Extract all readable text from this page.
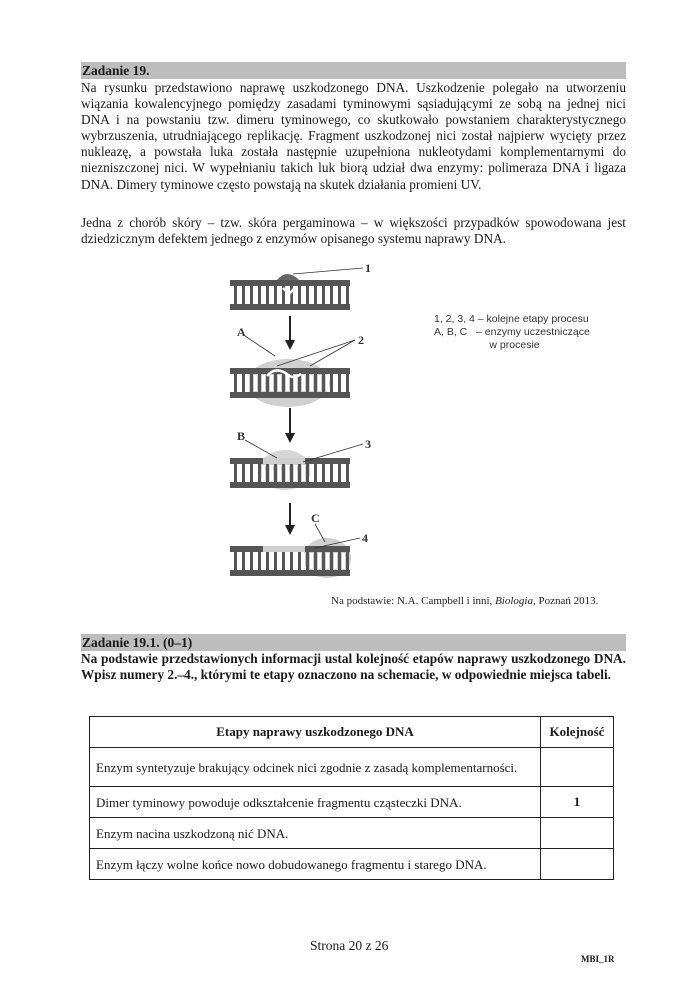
Zadanie 19.
Na rysunku przedstawiono naprawę uszkodzonego DNA. Uszkodzenie polegało na utworzeniu wiązania kowalencyjnego pomiędzy zasadami tyminowymi sąsiadującymi ze sobą na jednej nici DNA i na powstaniu tzw. dimeru tyminowego, co skutkowało powstaniem charakterystycznego wybrzuszenia, utrudniającego replikację. Fragment uszkodzonej nici został najpierw wycięty przez nukleazę, a powstała luka została następnie uzupełniona nukleotydami komplementarnymi do niezniszczonej nici. W wypełnianiu takich luk biorą udział dwa enzymy: polimeraza DNA i ligaza DNA. Dimery tyminowe często powstają na skutek działania promieni UV.
Jedna z chorób skóry – tzw. skóra pergaminowa – w większości przypadków spowodowana jest dziedzicznym defektem jednego z enzymów opisanego systemu naprawy DNA.
1
A
2
B
3
C
4
1, 2, 3, 4 – kolejne etapy procesu
A, B, C   – enzymy uczestniczące
w procesie
Na podstawie: N.A. Campbell i inni, Biologia, Poznań 2013.
Zadanie 19.1. (0–1)
Na podstawie przedstawionych informacji ustal kolejność etapów naprawy uszkodzonego DNA. Wpisz numery 2.–4., którymi te etapy oznaczono na schemacie, w odpowiednie miejsca tabeli.
Etapy naprawy uszkodzonego DNA	Kolejność
Enzym syntetyzuje brakujący odcinek nici zgodnie z zasadą komplementarności.	
Dimer tyminowy powoduje odkształcenie fragmentu cząsteczki DNA.	1
Enzym nacina uszkodzoną nić DNA.	
Enzym łączy wolne końce nowo dobudowanego fragmentu i starego DNA.	
Strona 20 z 26
MBI_1R
